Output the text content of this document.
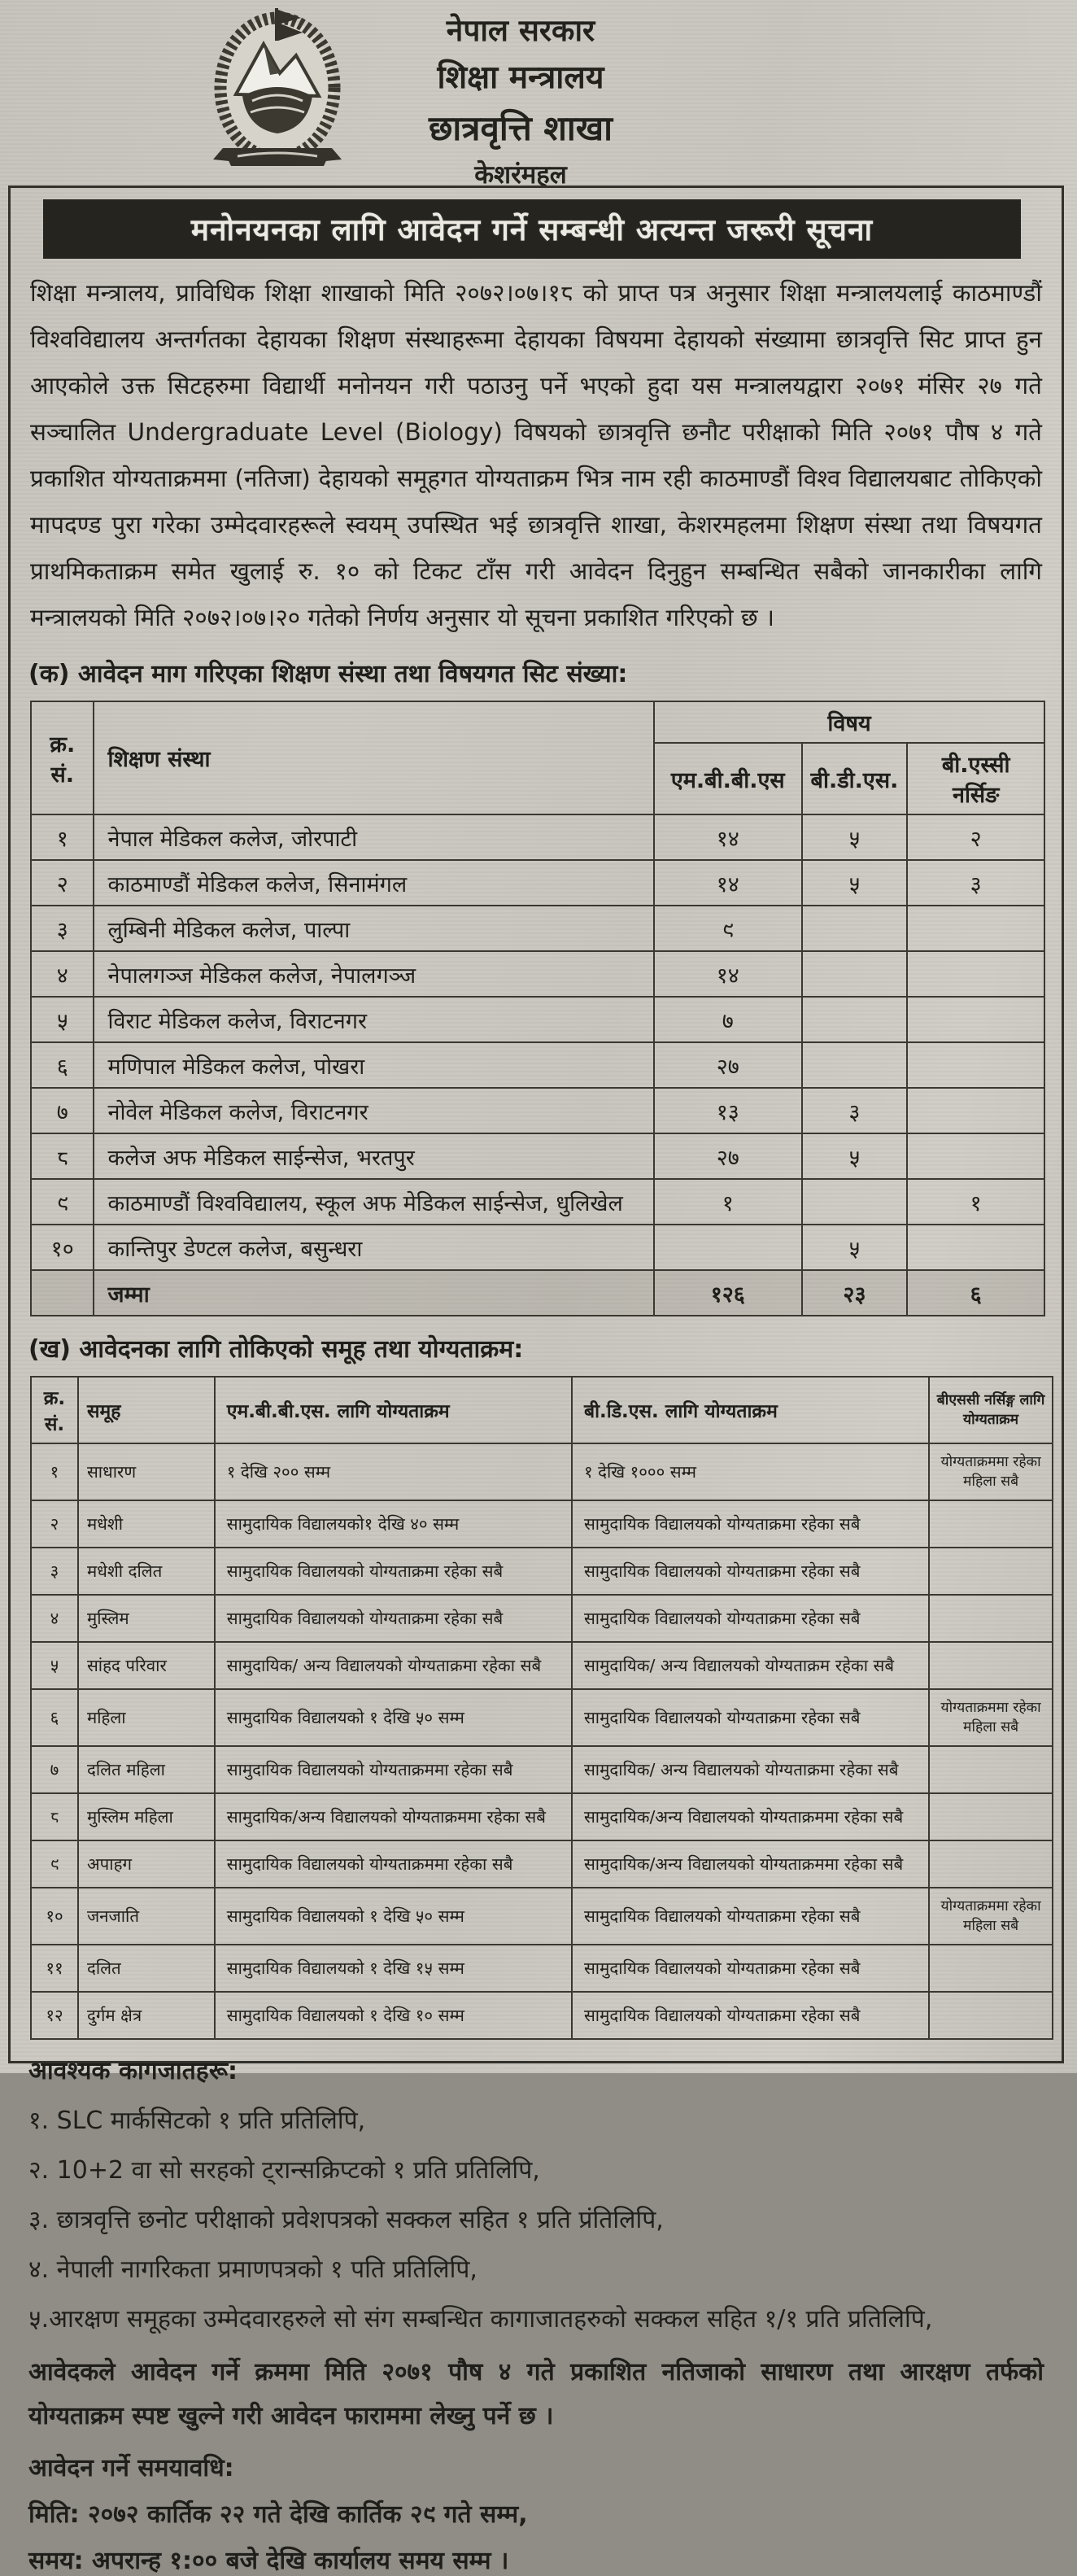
नेपाल सरकार
शिक्षा मन्त्रालय
छात्रवृत्ति शाखा
केशरंमहल
मनोनयनका लागि आवेदन गर्ने सम्बन्धी अत्यन्त जरूरी सूचना

शिक्षा मन्त्रालय, प्राविधिक शिक्षा शाखाको मिति २०७२।०७।१८ को प्राप्त पत्र अनुसार शिक्षा मन्त्रालयलाई काठमाण्डौं विश्वविद्यालय अन्तर्गतका देहायका शिक्षण संस्थाहरूमा देहायका विषयमा देहायको संख्यामा छात्रवृत्ति सिट प्राप्त हुन आएकोले उक्त सिटहरुमा विद्यार्थी मनोनयन गरी पठाउनु पर्ने भएको हुदा यस मन्त्रालयद्वारा २०७१ मंसिर २७ गते सञ्चालित Undergraduate Level (Biology) विषयको छात्रवृत्ति छनौट परीक्षाको मिति २०७१ पौष ४ गते प्रकाशित योग्यताक्रममा (नतिजा) देहायको समूहगत योग्यताक्रम भित्र नाम रही काठमाण्डौं विश्व विद्यालयबाट तोकिएको मापदण्ड पुरा गरेका उम्मेदवारहरूले स्वयम् उपस्थित भई छात्रवृत्ति शाखा, केशरमहलमा शिक्षण संस्था तथा विषयगत प्राथमिकताक्रम समेत खुलाई रु. १० को टिकट टाँस गरी आवेदन दिनुहुन सम्बन्धित सबैको जानकारीका लागि मन्त्रालयको मिति २०७२।०७।२० गतेको निर्णय अनुसार यो सूचना प्रकाशित गरिएको छ ।

(क) आवेदन माग गरिएका शिक्षण संस्था तथा विषयगत सिट संख्या:
क्र.
सं.	शिक्षण संस्था	विषय		
		एम.बी.बी.एस	बी.डी.एस.	बी.एस्सी नर्सिङ
१	नेपाल मेडिकल कलेज, जोरपाटी	१४	५	२
२	काठमाण्डौं मेडिकल कलेज, सिनामंगल	१४	५	३
३	लुम्बिनी मेडिकल कलेज, पाल्पा	९		
४	नेपालगञ्ज मेडिकल कलेज, नेपालगञ्ज	१४		
५	विराट मेडिकल कलेज, विराटनगर	७		
६	मणिपाल मेडिकल कलेज, पोखरा	२७		
७	नोवेल मेडिकल कलेज, विराटनगर	१३	३	
८	कलेज अफ मेडिकल साईन्सेज, भरतपुर	२७	५	
९	काठमाण्डौं विश्वविद्यालय, स्कूल अफ मेडिकल साईन्सेज, धुलिखेल	१		१
१०	कान्तिपुर डेण्टल कलेज, बसुन्धरा		५	
	जम्मा	१२६	२३	६
(ख) आवेदनका लागि तोकिएको समूह तथा योग्यताक्रम:
क्र.
सं.	समूह	एम.बी.बी.एस. लागि योग्यताक्रम	बी.डि.एस. लागि योग्यताक्रम	बीएससी नर्सिङ्ग लागि योग्यताक्रम
१	साधारण	१ देखि २०० सम्म	१ देखि १००० सम्म	योग्यताक्रममा रहेका महिला सबै
२	मधेशी	सामुदायिक विद्यालयको१ देखि ४० सम्म	सामुदायिक विद्यालयको योग्यताक्रमा रहेका सबै	
३	मधेशी दलित	सामुदायिक विद्यालयको योग्यताक्रमा रहेका सबै	सामुदायिक विद्यालयको योग्यताक्रमा रहेका सबै	
४	मुस्लिम	सामुदायिक विद्यालयको योग्यताक्रमा रहेका सबै	सामुदायिक विद्यालयको योग्यताक्रमा रहेका सबै	
५	सांहद परिवार	सामुदायिक/ अन्य विद्यालयको योग्यताक्रमा रहेका सबै	सामुदायिक/ अन्य विद्यालयको योग्यताक्रम रहेका सबै	
६	महिला	सामुदायिक विद्यालयको १ देखि ५० सम्म	सामुदायिक विद्यालयको योग्यताक्रमा रहेका सबै	योग्यताक्रममा रहेका महिला सबै
७	दलित महिला	सामुदायिक विद्यालयको योग्यताक्रममा रहेका सबै	सामुदायिक/ अन्य विद्यालयको योग्यताक्रमा रहेका सबै	
८	मुस्लिम महिला	सामुदायिक/अन्य विद्यालयको योग्यताक्रममा रहेका सबै	सामुदायिक/अन्य विद्यालयको योग्यताक्रममा रहेका सबै	
९	अपाहग	सामुदायिक विद्यालयको योग्यताक्रममा रहेका सबै	सामुदायिक/अन्य विद्यालयको योग्यताक्रममा रहेका सबै	
१०	जनजाति	सामुदायिक विद्यालयको १ देखि ५० सम्म	सामुदायिक विद्यालयको योग्यताक्रमा रहेका सबै	योग्यताक्रममा रहेका महिला सबै
११	दलित	सामुदायिक विद्यालयको १ देखि १५ सम्म	सामुदायिक विद्यालयको योग्यताक्रमा रहेका सबै	
१२	दुर्गम क्षेत्र	सामुदायिक विद्यालयको १ देखि १० सम्म	सामुदायिक विद्यालयको योग्यताक्रमा रहेका सबै	
आवश्यक कागजातहरू:
१. SLC मार्कसिटको १ प्रति प्रतिलिपि,
२. 10+2 वा सो सरहको ट्रान्सक्रिप्टको १ प्रति प्रतिलिपि,
३. छात्रवृत्ति छनोट परीक्षाको प्रवेशपत्रको सक्कल सहित १ प्रति प्रंतिलिपि,
४. नेपाली नागरिकता प्रमाणपत्रको १ पति प्रतिलिपि,
५.आरक्षण समूहका उम्मेदवारहरुले सो संग सम्बन्धित कागाजातहरुको सक्कल सहित १/१ प्रति प्रतिलिपि,

आवेदकले आवेदन गर्ने क्रममा मिति २०७१ पौष ४ गते प्रकाशित नतिजाको साधारण तथा आरक्षण तर्फको योग्यताक्रम स्पष्ट खुल्ने गरी आवेदन फाराममा लेख्नु पर्ने छ ।

आवेदन गर्ने समयावधि:
मिति: २०७२ कार्तिक २२ गते देखि कार्तिक २९ गते सम्म,
समय: अपरान्ह १:०० बजे देखि कार्यालय समय सम्म ।
